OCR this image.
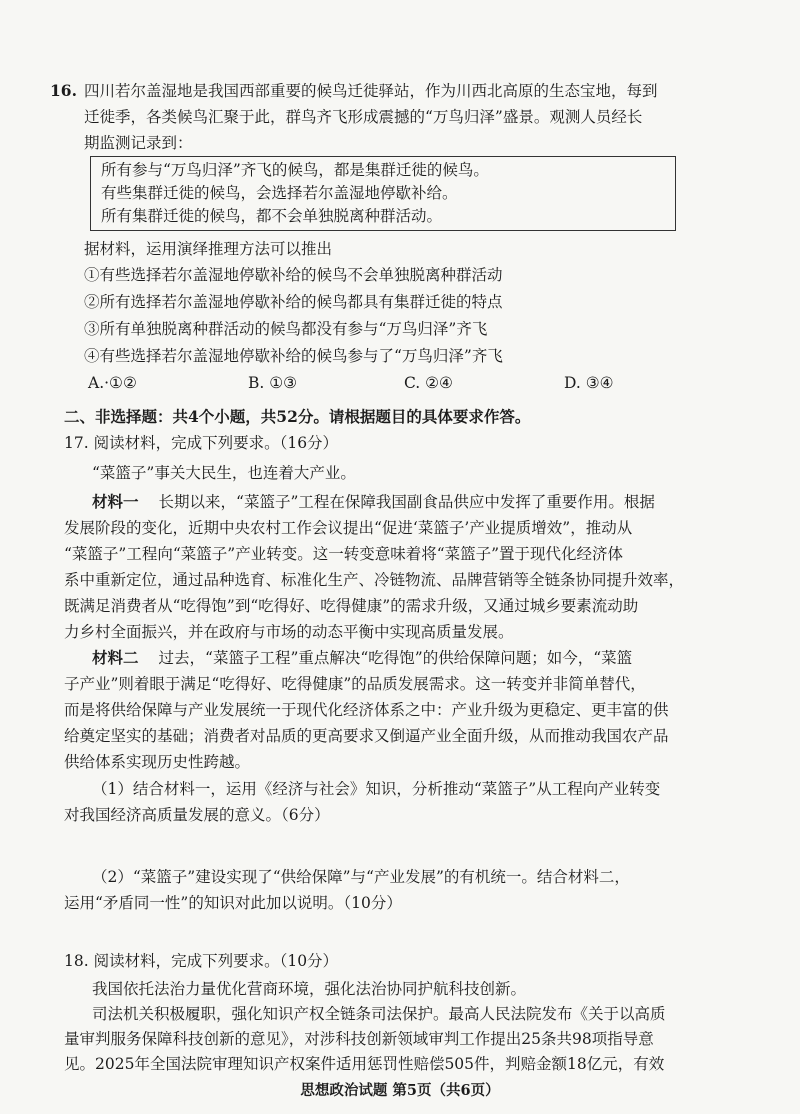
16. 四川若尔盖湿地是我国西部重要的候鸟迁徙驿站，作为川西北高原的生态宝地，每到
迁徙季，各类候鸟汇聚于此，群鸟齐飞形成震撼的“万鸟归泽”盛景。观测人员经长
期监测记录到：
所有参与“万鸟归泽”齐飞的候鸟，都是集群迁徙的候鸟。
有些集群迁徙的候鸟，会选择若尔盖湿地停歇补给。
所有集群迁徙的候鸟，都不会单独脱离种群活动。
据材料，运用演绎推理方法可以推出
①有些选择若尔盖湿地停歇补给的候鸟不会单独脱离种群活动
②所有选择若尔盖湿地停歇补给的候鸟都具有集群迁徙的特点
③所有单独脱离种群活动的候鸟都没有参与“万鸟归泽”齐飞
④有些选择若尔盖湿地停歇补给的候鸟参与了“万鸟归泽”齐飞
A.·①②	B. ①③	C. ②④	D. ③④
二、非选择题：共4个小题，共52分。请根据题目的具体要求作答。
17. 阅读材料，完成下列要求。（16分）
“菜篮子”事关大民生，也连着大产业。
材料一 长期以来，“菜篮子”工程在保障我国副食品供应中发挥了重要作用。根据
发展阶段的变化，近期中央农村工作会议提出“促进‘菜篮子’产业提质增效”，推动从
“菜篮子”工程向“菜篮子”产业转变。这一转变意味着将“菜篮子”置于现代化经济体
系中重新定位，通过品种选育、标准化生产、冷链物流、品牌营销等全链条协同提升效率，
既满足消费者从“吃得饱”到“吃得好、吃得健康”的需求升级，又通过城乡要素流动助
力乡村全面振兴，并在政府与市场的动态平衡中实现高质量发展。
材料二 过去，“菜篮子工程”重点解决“吃得饱”的供给保障问题；如今，“菜篮
子产业”则着眼于满足“吃得好、吃得健康”的品质发展需求。这一转变并非简单替代，
而是将供给保障与产业发展统一于现代化经济体系之中：产业升级为更稳定、更丰富的供
给奠定坚实的基础；消费者对品质的更高要求又倒逼产业全面升级，从而推动我国农产品
供给体系实现历史性跨越。
（1）结合材料一，运用《经济与社会》知识，分析推动“菜篮子”从工程向产业转变
对我国经济高质量发展的意义。（6分）
（2）“菜篮子”建设实现了“供给保障”与“产业发展”的有机统一。结合材料二，
运用“矛盾同一性”的知识对此加以说明。（10分）
18. 阅读材料，完成下列要求。（10分）
我国依托法治力量优化营商环境，强化法治协同护航科技创新。
司法机关积极履职，强化知识产权全链条司法保护。最高人民法院发布《关于以高质
量审判服务保障科技创新的意见》，对涉科技创新领域审判工作提出25条共98项指导意
见。2025年全国法院审理知识产权案件适用惩罚性赔偿505件，判赔金额18亿元，有效
思想政治试题 第5页（共6页）
